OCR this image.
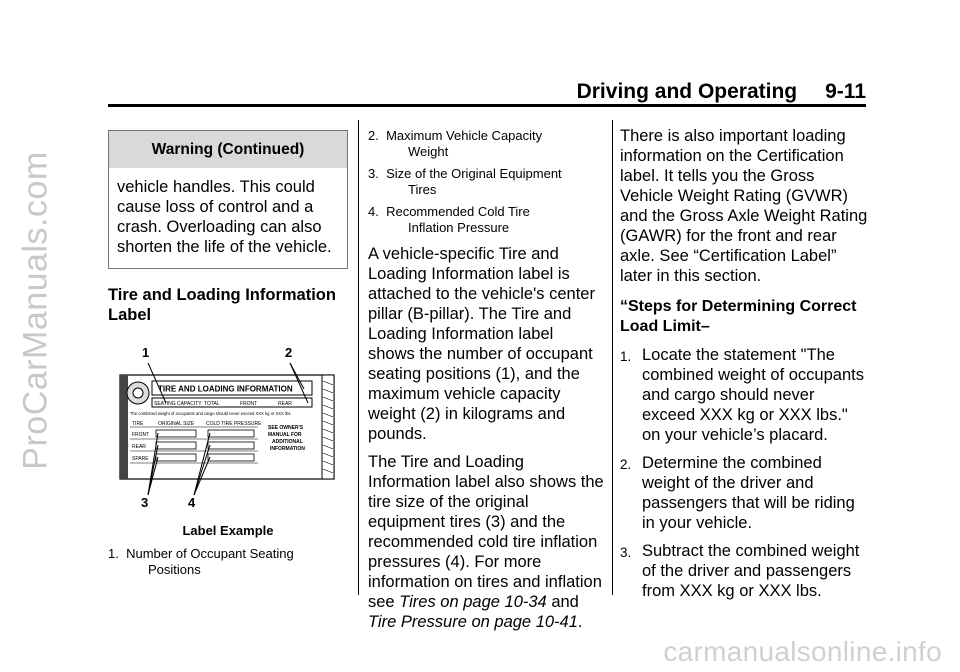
ProCarManuals.com
Driving and Operating 9-11
Warning (Continued)
vehicle handles. This could cause loss of control and a crash. Overloading can also shorten the life of the vehicle.
Tire and Loading Information Label
1	2
3	4
TIRE AND LOADING INFORMATION
SEATING CAPACITY TOTAL	FRONT	REAR
The combined weight of occupants and cargo should never exceed XXX kg or XXX lbs.
TIRE	ORIGINAL SIZE COLD TIRE PRESSURE
FRONT
REAR
SPARE
SEE OWNER'S
MANUAL FOR
ADDITIONAL
INFORMATION
Label Example
1. Number of Occupant Seating
Positions
2. Maximum Vehicle Capacity
Weight
3. Size of the Original Equipment
Tires
4. Recommended Cold Tire
Inflation Pressure
A vehicle-specific Tire and Loading Information label is attached to the vehicle's center pillar (B-pillar). The Tire and Loading Information label shows the number of occupant seating positions (1), and the maximum vehicle capacity weight (2) in kilograms and pounds.
The Tire and Loading Information label also shows the tire size of the original equipment tires (3) and the recommended cold tire inflation pressures (4). For more information on tires and inflation see Tires on page 10-34 and Tire Pressure on page 10-41.
There is also important loading information on the Certification label. It tells you the Gross Vehicle Weight Rating (GVWR) and the Gross Axle Weight Rating (GAWR) for the front and rear axle. See “Certification Label” later in this section.
“Steps for Determining Correct Load Limit–
1. Locate the statement "The combined weight of occupants and cargo should never exceed XXX kg or XXX lbs." on your vehicle’s placard.
2. Determine the combined weight of the driver and passengers that will be riding in your vehicle.
3. Subtract the combined weight of the driver and passengers from XXX kg or XXX lbs.
carmanualsonline.info
